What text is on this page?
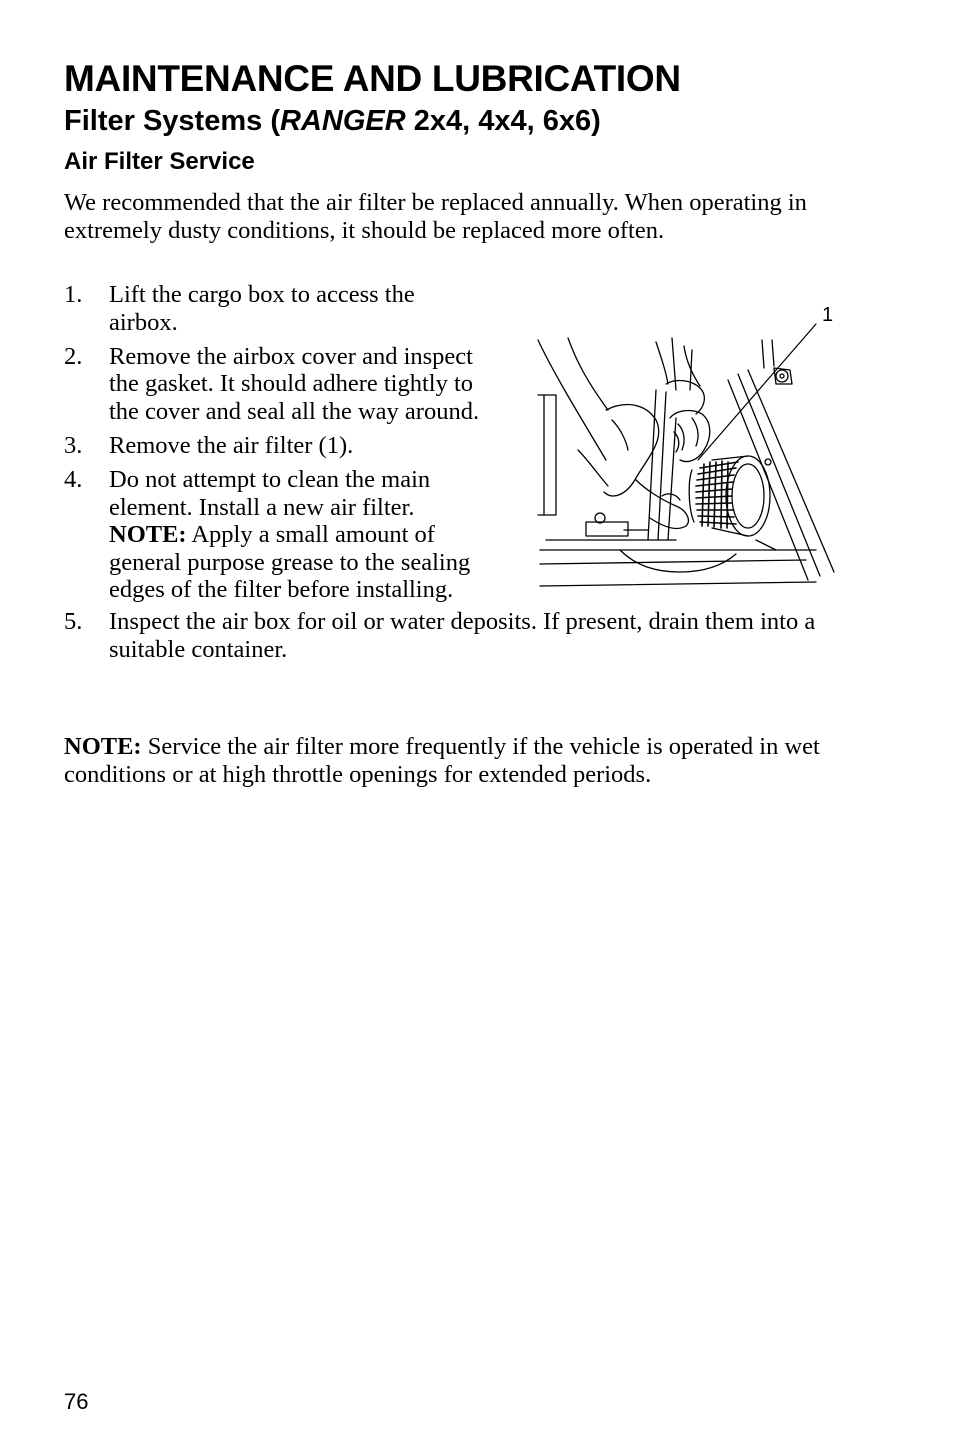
MAINTENANCE AND LUBRICATION
Filter Systems (RANGER 2x4, 4x4, 6x6)
Air Filter Service
We recommended that the air filter be replaced annually. When operating in extremely dusty conditions, it should be replaced more often.
1. Lift the cargo box to access the airbox.
2. Remove the airbox cover and inspect the gasket. It should adhere tightly to the cover and seal all the way around.
3. Remove the air filter (1).
4. Do not attempt to clean the main element. Install a new air filter.
NOTE: Apply a small amount of general purpose grease to the sealing edges of the filter before installing.
5. Inspect the air box for oil or water deposits. If present, drain them into a suitable container.
NOTE: Service the air filter more frequently if the vehicle is operated in wet conditions or at high throttle openings for extended periods.
1
76
